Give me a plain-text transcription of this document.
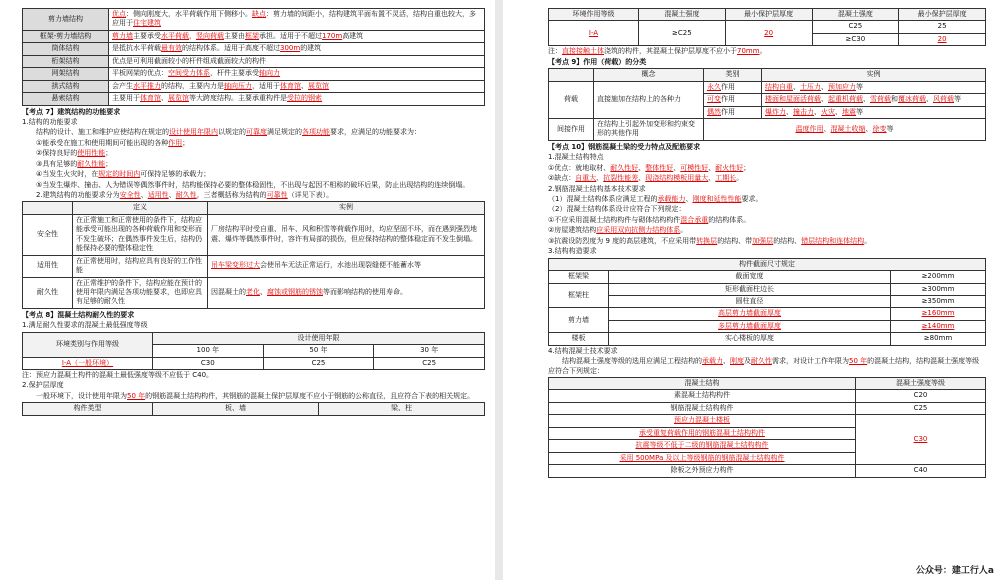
剪力墙结构	优点：侧向刚度大，水平荷载作用下侧移小。缺点：剪力墙的间距小，结构建筑平面布置不灵活，结构自重也较大，多应用于住宅建筑
框架-剪力墙结构	剪力墙主要承受水平荷载，竖向荷载主要由框架承担。适用于不超过170m高建筑
筒体结构	是抵抗水平荷载最有效的结构体系。适用于高度不超过300m的建筑
桁架结构	优点是可利用截面较小的杆件组成截面较大的构件
网架结构	平板网架的优点：空间受力体系，杆件主要承受轴向力
拱式结构	会产生水平推力的结构，主要内力是轴向压力，适用于体育馆、展览馆
悬索结构	主要用于体育馆、展览馆等大跨度结构。主要承重构件是受拉的钢索
【考点 7】建筑结构的功能要求
1.结构的功能要求
结构的设计、施工和维护应使结构在规定的设计使用年限内以规定的可靠度满足规定的各项功能要求，应满足的功能要求为：
①能承受在施工和使用期间可能出现的各种作用；
②保持良好的使用性能；
③具有足够的耐久性能；
④当发生火灾时，在规定的时间内可保持足够的承载力；
⑤当发生爆炸、撞击、人为错误等偶然事件时，结构能保持必要的整体稳固性，不出现与起因不相称的破坏后果，防止出现结构的连续倒塌。
2.建筑结构的功能要求分为安全性、适用性、耐久性，三者概括称为结构的可靠性（详见下表）。
	定义	实例
安全性	在正常施工和正常使用的条件下，结构应能承受可能出现的各种荷载作用和变形而不发生破坏；在偶然事件发生后，结构仍能保持必要的整体稳定性	厂房结构平时受自重、吊车、风和积雪等荷载作用时，均应坚固不坏，而在遇到强烈地震、爆炸等偶然事件时，容许有局部的损伤，但应保持结构的整体稳定而不发生倒塌。
适用性	在正常使用时，结构应具有良好的工作性能	吊车梁变形过大会使吊车无法正常运行，水池出现裂缝便不能蓄水等
耐久性	在正常维护的条件下，结构应能在预计的使用年限内满足各项功能要求，也即应具有足够的耐久性	因混凝土的老化、腐蚀或钢筋的锈蚀等而影响结构的使用寿命。
【考点 8】混凝土结构耐久性的要求
1.满足耐久性要求的混凝土最低强度等级
环境类别与作用等级	设计使用年限		
	100 年	50 年	30 年
I-A（一般环境）	C30	C25	C25
注：预应力混凝土构件的混凝土最低强度等级不应低于 C40。
2.保护层厚度
一般环境下，设计使用年限为50 年的钢筋混凝土结构构件，其钢筋的混凝土保护层厚度不应小于钢筋的公称直径，且应符合下表的相关规定。
构件类型	板、墙	梁、柱
环境作用等级	混凝土强度	最小保护层厚度	混凝土强度	最小保护层厚度
I-A	≥C25	20	C25	25
			≥C30	20
注：直接接触土体浇筑的构件，其混凝土保护层厚度不应小于70mm。
【考点 9】作用（荷载）的分类
	概念	类别	实例
荷载	直接施加在结构上的各种力	永久作用	结构自重、土压力、预加应力等
		可变作用	楼面和屋面活荷载、起重机荷载、雪荷载和覆冰荷载、风荷载等
		偶然作用	爆炸力、撞击力、火灾、地震等
间接作用	在结构上引起外加变形和约束变形的其他作用	温度作用、混凝土收缩、徐变等	
【考点 10】钢筋混凝土梁的受力特点及配筋要求
1.混凝土结构特点
①优点：就地取材、耐久性好、整体性好、可模性好、耐火性好；
②缺点：自重大、抗裂性能差、现浇结构模板用量大、工期长。
2.钢筋混凝土结构基本技术要求
（1）混凝土结构体系应满足工程的承载能力、刚度和延性性能要求。
（2）混凝土结构体系设计应符合下列规定：
①不应采用混凝土结构构件与砌体结构构件混合承重的结构体系。
②房屋建筑结构应采用双向抗侧力结构体系。
③抗震设防烈度为 9 度的高层建筑，不应采用带转换层的结构、带加强层的结构、错层结构和连体结构。
3.结构构造要求
构件截面尺寸规定		
框架梁	截面宽度	≥200mm
框架柱	矩形截面柱边长	≥300mm
	圆柱直径	≥350mm
剪力墙	高层剪力墙截面厚度	≥160mm
	多层剪力墙截面厚度	≥140mm
楼板	实心楼板的厚度	≥80mm
4.结构混凝土技术要求
结构混凝土强度等级的选用应满足工程结构的承载力、刚度及耐久性需求，对设计工作年限为50 年的混凝土结构，结构混凝土强度等级应符合下列规定：
混凝土结构	混凝土强度等级
素混凝土结构构件	C20
钢筋混凝土结构构件	C25
预应力混凝土楼板	C30
承受重复荷载作用的钢筋混凝土结构构件	
抗震等级不低于二级的钢筋混凝土结构构件	
采用 500MPa 及以上等级钢筋的钢筋混凝土结构构件	
除板之外预应力构件	C40
公众号：建工行人a
